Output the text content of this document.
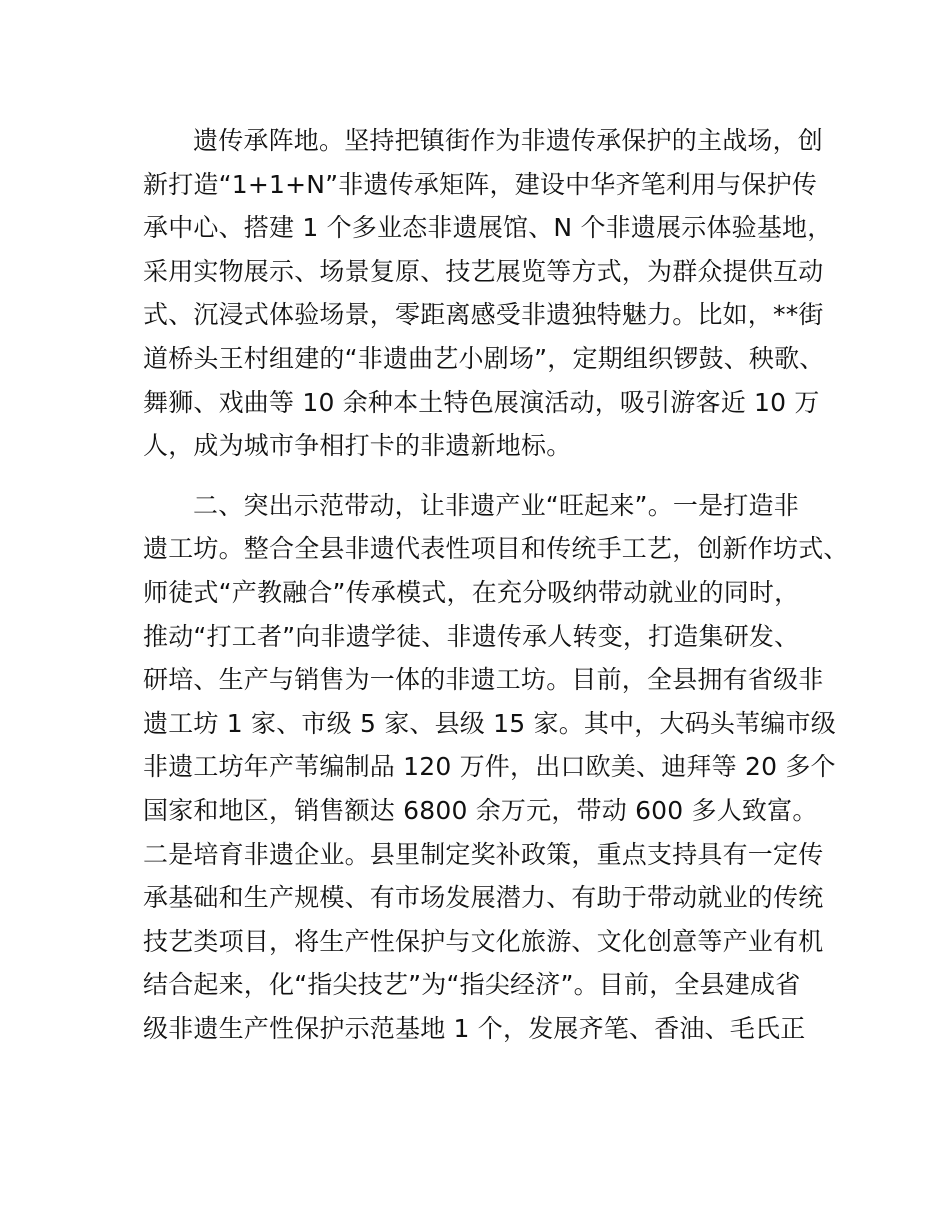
遗传承阵地。坚持把镇街作为非遗传承保护的主战场，创
新打造“1+1+N”非遗传承矩阵，建设中华齐笔利用与保护传
承中心、搭建 1 个多业态非遗展馆、N 个非遗展示体验基地，
采用实物展示、场景复原、技艺展览等方式，为群众提供互动
式、沉浸式体验场景，零距离感受非遗独特魅力。比如，**街
道桥头王村组建的“非遗曲艺小剧场”，定期组织锣鼓、秧歌、
舞狮、戏曲等 10 余种本土特色展演活动，吸引游客近 10 万
人，成为城市争相打卡的非遗新地标。
二、突出示范带动，让非遗产业“旺起来”。一是打造非
遗工坊。整合全县非遗代表性项目和传统手工艺，创新作坊式、
师徒式“产教融合”传承模式，在充分吸纳带动就业的同时，
推动“打工者”向非遗学徒、非遗传承人转变，打造集研发、
研培、生产与销售为一体的非遗工坊。目前，全县拥有省级非
遗工坊 1 家、市级 5 家、县级 15 家。其中，大码头苇编市级
非遗工坊年产苇编制品 120 万件，出口欧美、迪拜等 20 多个
国家和地区，销售额达 6800 余万元，带动 600 多人致富。
二是培育非遗企业。县里制定奖补政策，重点支持具有一定传
承基础和生产规模、有市场发展潜力、有助于带动就业的传统
技艺类项目，将生产性保护与文化旅游、文化创意等产业有机
结合起来，化“指尖技艺”为“指尖经济”。目前，全县建成省
级非遗生产性保护示范基地 1 个，发展齐笔、香油、毛氏正
